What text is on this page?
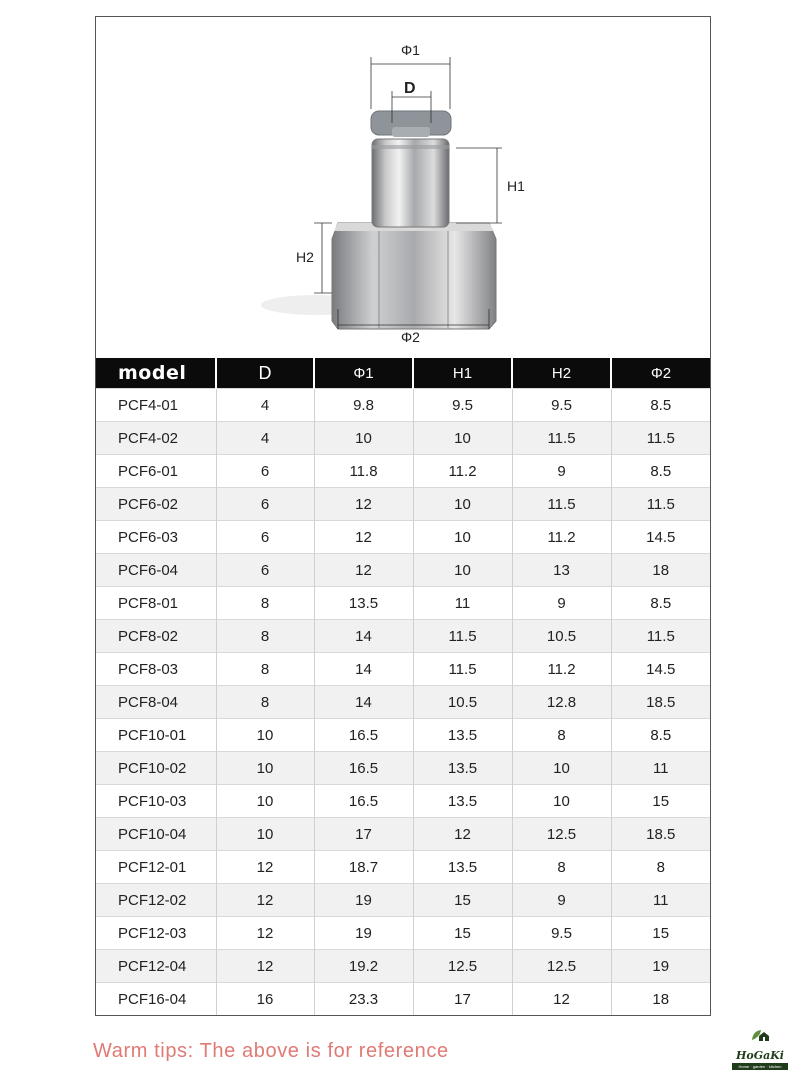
Φ1
D
H1
H2
Φ2
model	D	Φ1	H1	H2	Φ2
PCF4-01	4	9.8	9.5	9.5	8.5
PCF4-02	4	10	10	11.5	11.5
PCF6-01	6	11.8	11.2	9	8.5
PCF6-02	6	12	10	11.5	11.5
PCF6-03	6	12	10	11.2	14.5
PCF6-04	6	12	10	13	18
PCF8-01	8	13.5	11	9	8.5
PCF8-02	8	14	11.5	10.5	11.5
PCF8-03	8	14	11.5	11.2	14.5
PCF8-04	8	14	10.5	12.8	18.5
PCF10-01	10	16.5	13.5	8	8.5
PCF10-02	10	16.5	13.5	10	11
PCF10-03	10	16.5	13.5	10	15
PCF10-04	10	17	12	12.5	18.5
PCF12-01	12	18.7	13.5	8	8
PCF12-02	12	19	15	9	11
PCF12-03	12	19	15	9.5	15
PCF12-04	12	19.2	12.5	12.5	19
PCF16-04	16	23.3	17	12	18
Warm tips: The above is for reference	HoGaKi
Home · garden · kitchen
